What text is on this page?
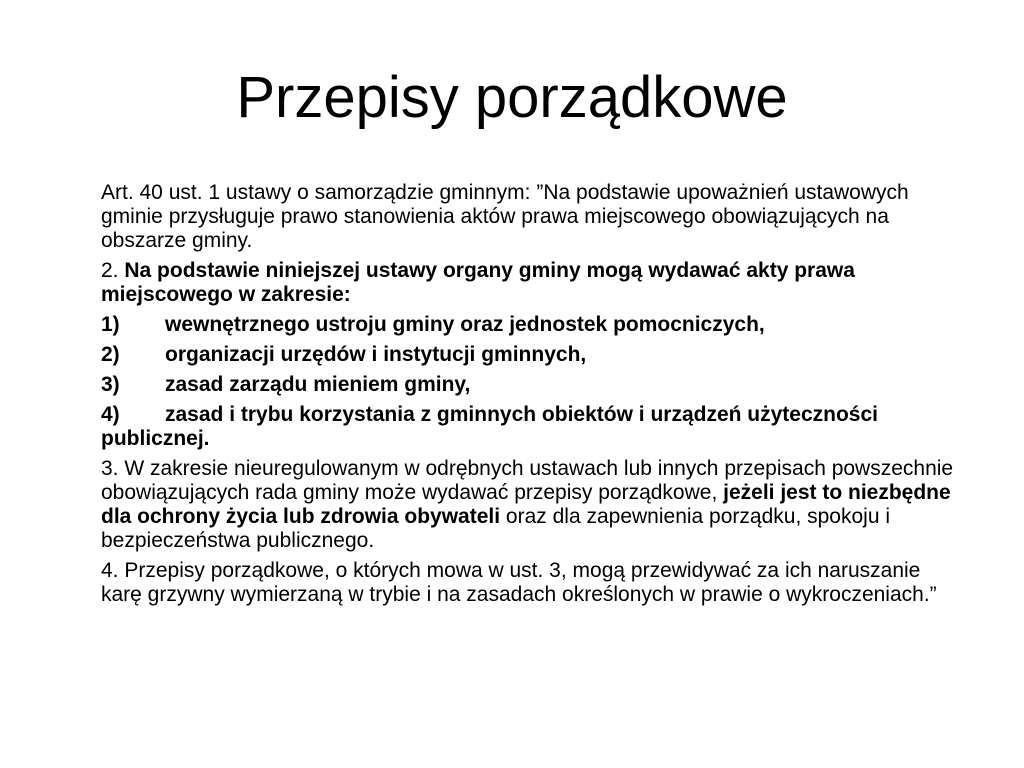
Przepisy porządkowe

Art. 40 ust. 1 ustawy o samorządzie gminnym: ”Na podstawie upoważnień ustawowych gminie przysługuje prawo stanowienia aktów prawa miejscowego obowiązujących na obszarze gminy.

2. Na podstawie niniejszej ustawy organy gminy mogą wydawać akty prawa miejscowego w zakresie:

1) wewnętrznego ustroju gminy oraz jednostek pomocniczych,
2) organizacji urzędów i instytucji gminnych,
3) zasad zarządu mieniem gminy,
4) zasad i trybu korzystania z gminnych obiektów i urządzeń użyteczności publicznej.

3. W zakresie nieuregulowanym w odrębnych ustawach lub innych przepisach powszechnie obowiązujących rada gminy może wydawać przepisy porządkowe, jeżeli jest to niezbędne dla ochrony życia lub zdrowia obywateli oraz dla zapewnienia porządku, spokoju i bezpieczeństwa publicznego.

4. Przepisy porządkowe, o których mowa w ust. 3, mogą przewidywać za ich naruszanie karę grzywny wymierzaną w trybie i na zasadach określonych w prawie o wykroczeniach.”
